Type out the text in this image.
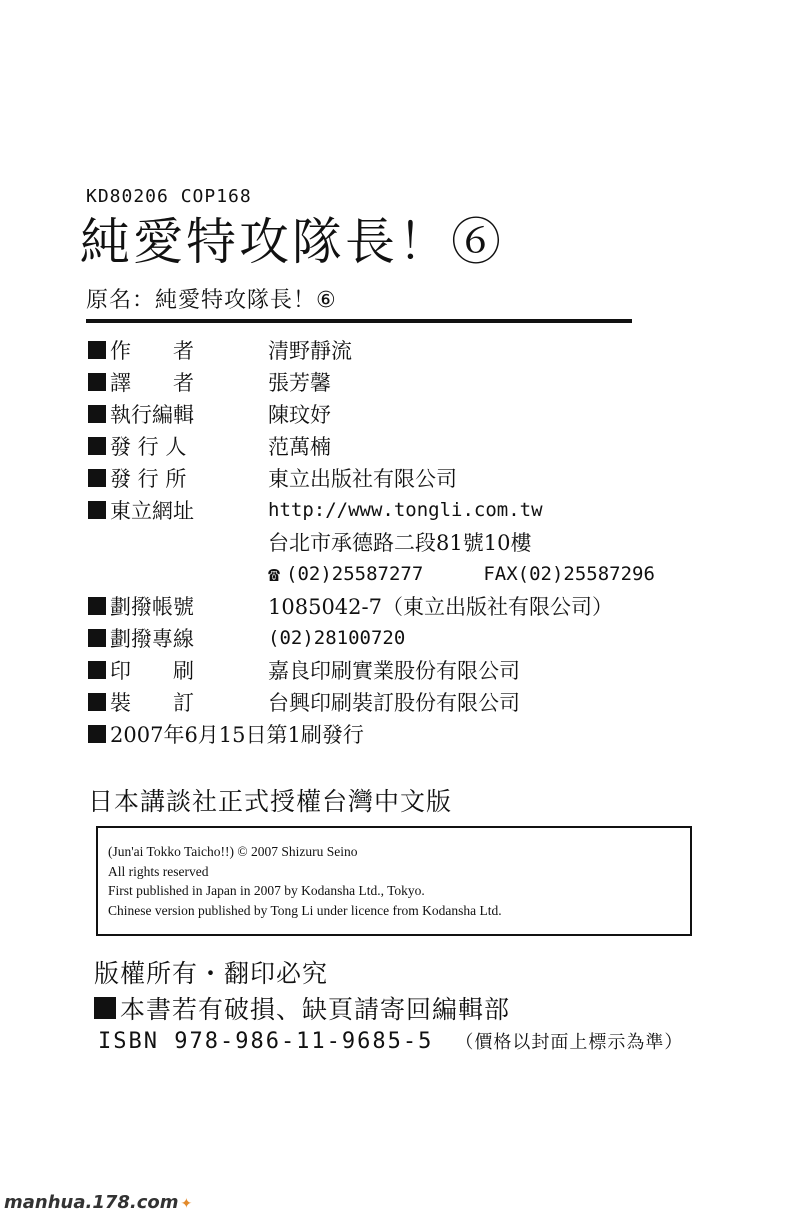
KD80206 COP168
純愛特攻隊長！⑥
原名：純愛特攻隊長！⑥
作　　者	清野靜流
譯　　者	張芳馨
執行編輯	陳玟妤
發 行 人	范萬楠
發 行 所	東立出版社有限公司
東立網址	http://www.tongli.com.tw
台北市承德路二段81號10樓
☎ (02)25587277	FAX(02)25587296
劃撥帳號	1085042-7（東立出版社有限公司）
劃撥專線	(02)28100720
印　　刷	嘉良印刷實業股份有限公司
裝　　訂	台興印刷裝訂股份有限公司
2007年6月15日第1刷發行
日本講談社正式授權台灣中文版
(Jun'ai Tokko Taicho!!) © 2007 Shizuru Seino
All rights reserved
First published in Japan in 2007 by Kodansha Ltd., Tokyo.
Chinese version published by Tong Li under licence from Kodansha Ltd.
版權所有・翻印必究
本書若有破損、缺頁請寄回編輯部
ISBN 978-986-11-9685-5 （價格以封面上標示為準）
manhua.178.com ✦
